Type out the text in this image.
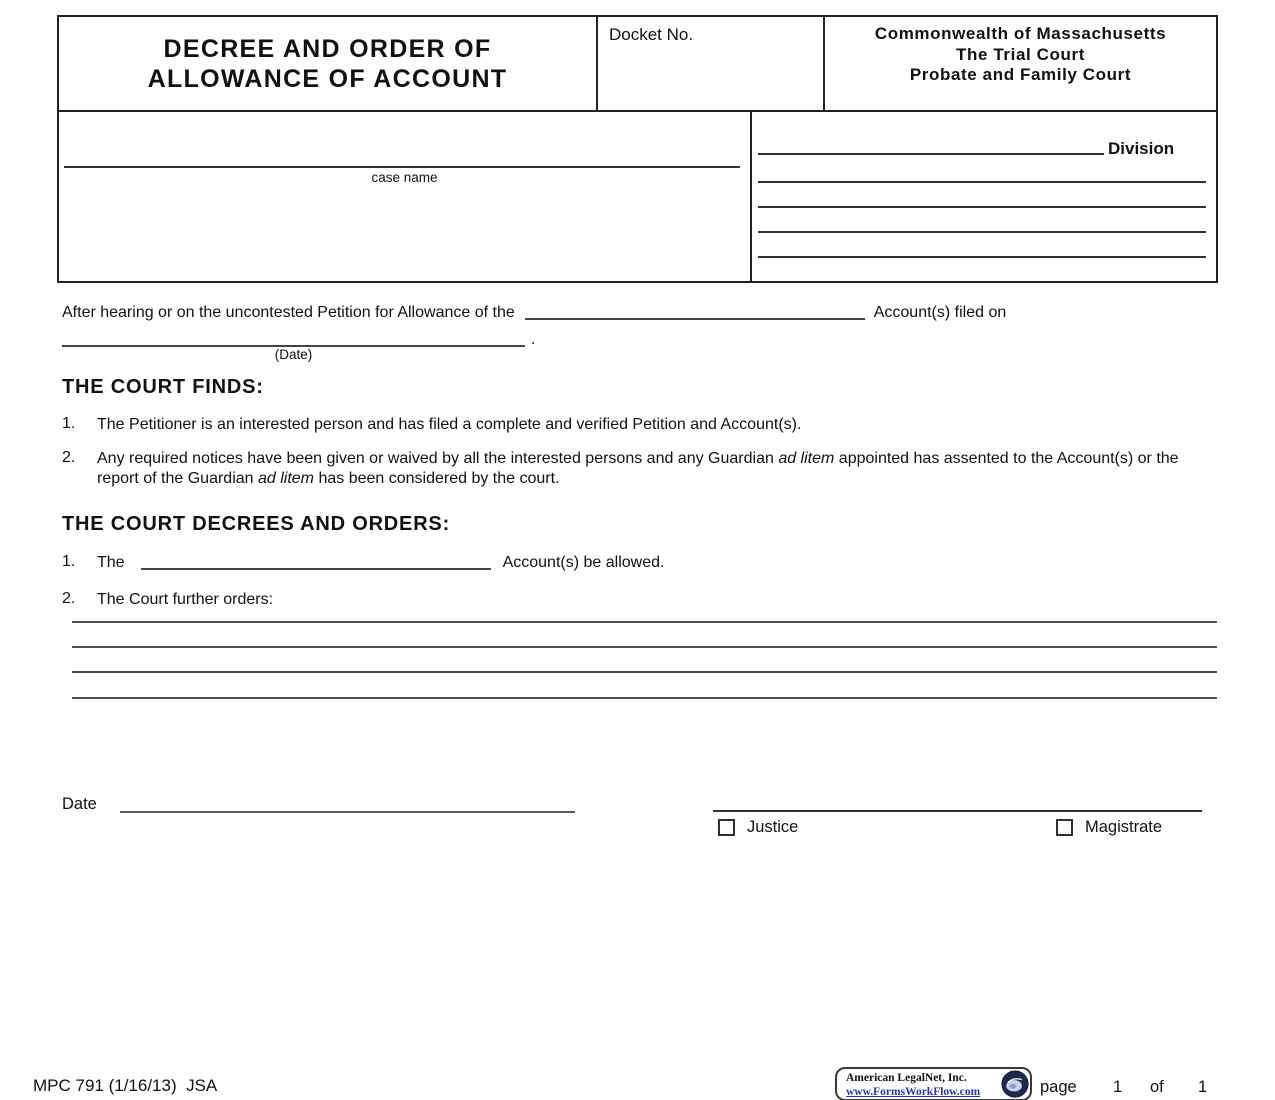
DECREE AND ORDER OF
ALLOWANCE OF ACCOUNT
Docket No.	Commonwealth of Massachusetts
The Trial Court
Probate and Family Court
case name
Division
After hearing or on the uncontested Petition for Allowance of the	Account(s) filed on
(Date)
.
THE COURT FINDS:
1. The Petitioner is an interested person and has filed a complete and verified Petition and Account(s).
2. Any required notices have been given or waived by all the interested persons and any Guardian ad litem appointed has assented to the Account(s) or the report of the Guardian ad litem has been considered by the court.
THE COURT DECREES AND ORDERS:
1. The	Account(s) be allowed.
2. The Court further orders:
Date
Justice	Magistrate
MPC 791 (1/16/13)  JSA	American LegalNet, Inc.
www.FormsWorkFlow.com	page 1 of 1
